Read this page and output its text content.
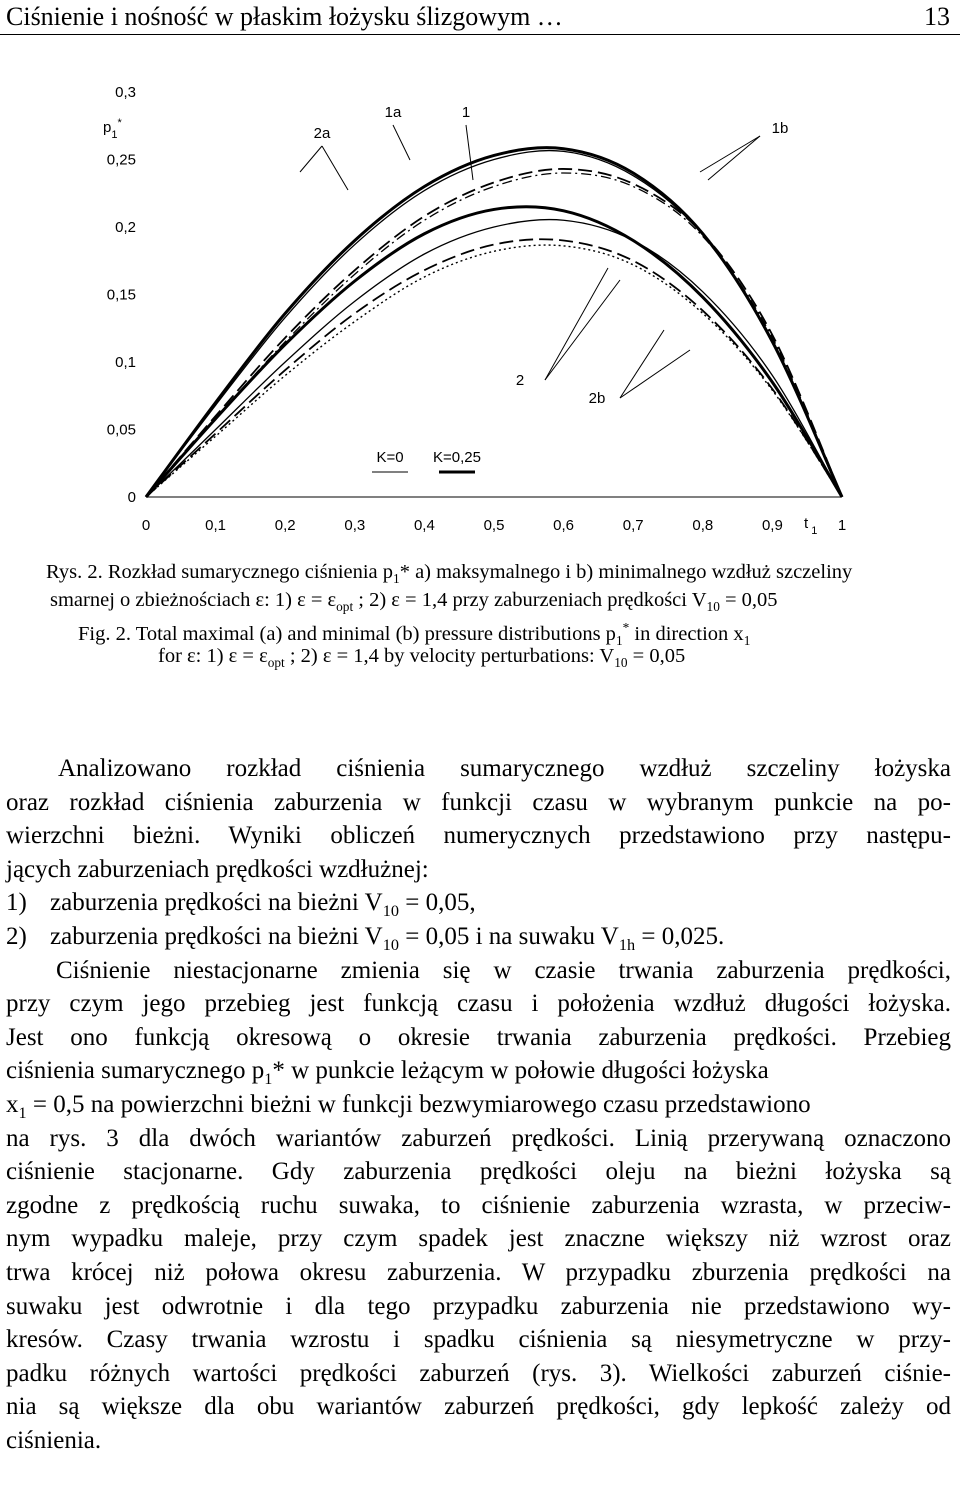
Ciśnienie i nośność w płaskim łożysku ślizgowym …	13
0
0,05
0,1
0,15
0,2
0,25
0,3
0	0,1	0,2	0,3	0,4	0,5	0,6	0,7	0,8	0,9	1
$p_1^*$
t $_1$
1
1a
1b
2
2a
2b
K=0 K=0,25
Rys. 2. Rozkład sumarycznego ciśnienia $p_1*$ a) maksymalnego i b) minimalnego wzdłuż szczeliny
smarnej o zbieżnościach ε: 1) $\varepsilon = \varepsilon_{opt}$ ; 2) ε = 1,4 przy zaburzeniach prędkości $V_{10} = 0,05$
Fig. 2. Total maximal (a) and minimal (b) pressure distributions $p_1^*$ in direction $x_1$
for ε: 1) $\varepsilon = \varepsilon_{opt}$ ; 2) ε = 1,4 by velocity perturbations: $V_{10} = 0,05$
Analizowano rozkład ciśnienia sumarycznego wzdłuż szczeliny łożyska
oraz rozkład ciśnienia zaburzenia w funkcji czasu w wybranym punkcie na po-
wierzchni bieżni. Wyniki obliczeń numerycznych przedstawiono przy następu-
jących zaburzeniach prędkości wzdłużnej:
1) zaburzenia prędkości na bieżni $V_{10} = 0,05$,
2) zaburzenia prędkości na bieżni $V_{10} = 0,05$ i na suwaku $V_{1h} = 0,025$.
Ciśnienie niestacjonarne zmienia się w czasie trwania zaburzenia prędkości,
przy czym jego przebieg jest funkcją czasu i położenia wzdłuż długości łożyska.
Jest ono funkcją okresową o okresie trwania zaburzenia prędkości. Przebieg
ciśnienia sumarycznego $p_1*$ w punkcie leżącym w połowie długości łożyska
$x_1 = 0,5$ na powierzchni bieżni w funkcji bezwymiarowego czasu przedstawiono
na rys. 3 dla dwóch wariantów zaburzeń prędkości. Linią przerywaną oznaczono
ciśnienie stacjonarne. Gdy zaburzenia prędkości oleju na bieżni łożyska są
zgodne z prędkością ruchu suwaka, to ciśnienie zaburzenia wzrasta, w przeciw-
nym wypadku maleje, przy czym spadek jest znaczne większy niż wzrost oraz
trwa krócej niż połowa okresu zaburzenia. W przypadku zburzenia prędkości na
suwaku jest odwrotnie i dla tego przypadku zaburzenia nie przedstawiono wy-
kresów. Czasy trwania wzrostu i spadku ciśnienia są niesymetryczne w przy-
padku różnych wartości prędkości zaburzeń (rys. 3). Wielkości zaburzeń ciśnie-
nia są większe dla obu wariantów zaburzeń prędkości, gdy lepkość zależy od
ciśnienia.
